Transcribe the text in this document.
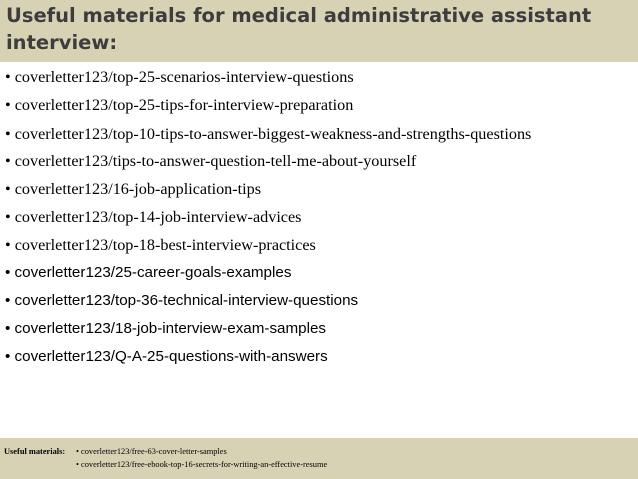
Useful materials for medical administrative assistant interview:
• coverletter123/top-25-scenarios-interview-questions
• coverletter123/top-25-tips-for-interview-preparation
• coverletter123/top-10-tips-to-answer-biggest-weakness-and-strengths-questions
• coverletter123/tips-to-answer-question-tell-me-about-yourself
• coverletter123/16-job-application-tips
• coverletter123/top-14-job-interview-advices
• coverletter123/top-18-best-interview-practices
• coverletter123/25-career-goals-examples
• coverletter123/top-36-technical-interview-questions
• coverletter123/18-job-interview-exam-samples
• coverletter123/Q-A-25-questions-with-answers
Useful materials: • coverletter123/free-63-cover-letter-samples
• coverletter123/free-ebook-top-16-secrets-for-writing-an-effective-resume
